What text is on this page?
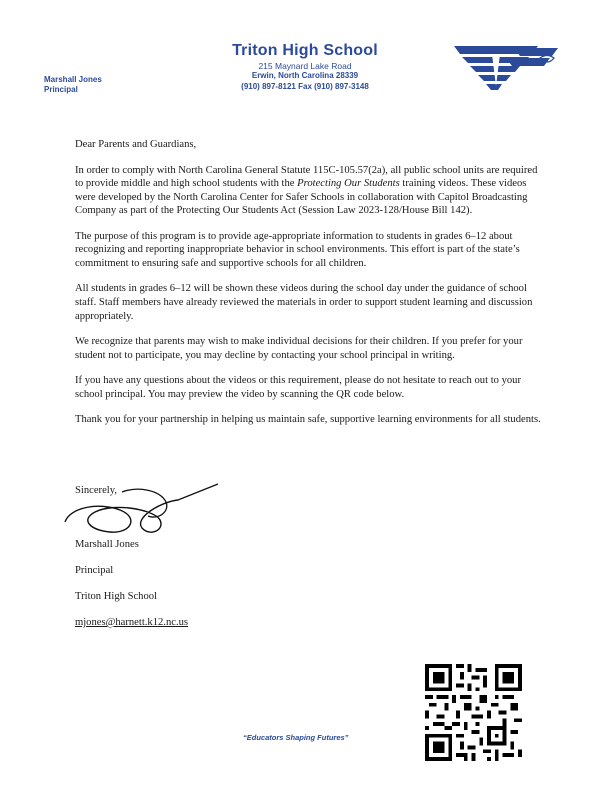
Triton High School
215 Maynard Lake Road
Erwin, North Carolina 28339
(910) 897-8121 Fax (910) 897-3148
Marshall Jones
Principal

Dear Parents and Guardians,

In order to comply with North Carolina General Statute 115C-105.57(2a), all public school units are required to provide middle and high school students with the Protecting Our Students training videos. These videos were developed by the North Carolina Center for Safer Schools in collaboration with Capitol Broadcasting Company as part of the Protecting Our Students Act (Session Law 2023-128/House Bill 142).

The purpose of this program is to provide age-appropriate information to students in grades 6–12 about recognizing and reporting inappropriate behavior in school environments. This effort is part of the state’s commitment to ensuring safe and supportive schools for all children.

All students in grades 6–12 will be shown these videos during the school day under the guidance of school staff. Staff members have already reviewed the materials in order to support student learning and discussion appropriately.

We recognize that parents may wish to make individual decisions for their children. If you prefer for your student not to participate, you may decline by contacting your school principal in writing.

If you have any questions about the videos or this requirement, please do not hesitate to reach out to your school principal. You may preview the video by scanning the QR code below.

Thank you for your partnership in helping us maintain safe, supportive learning environments for all students.

Sincerely,
Marshall Jones
Principal
Triton High School
mjones@harnett.k12.nc.us
“Educators Shaping Futures”
